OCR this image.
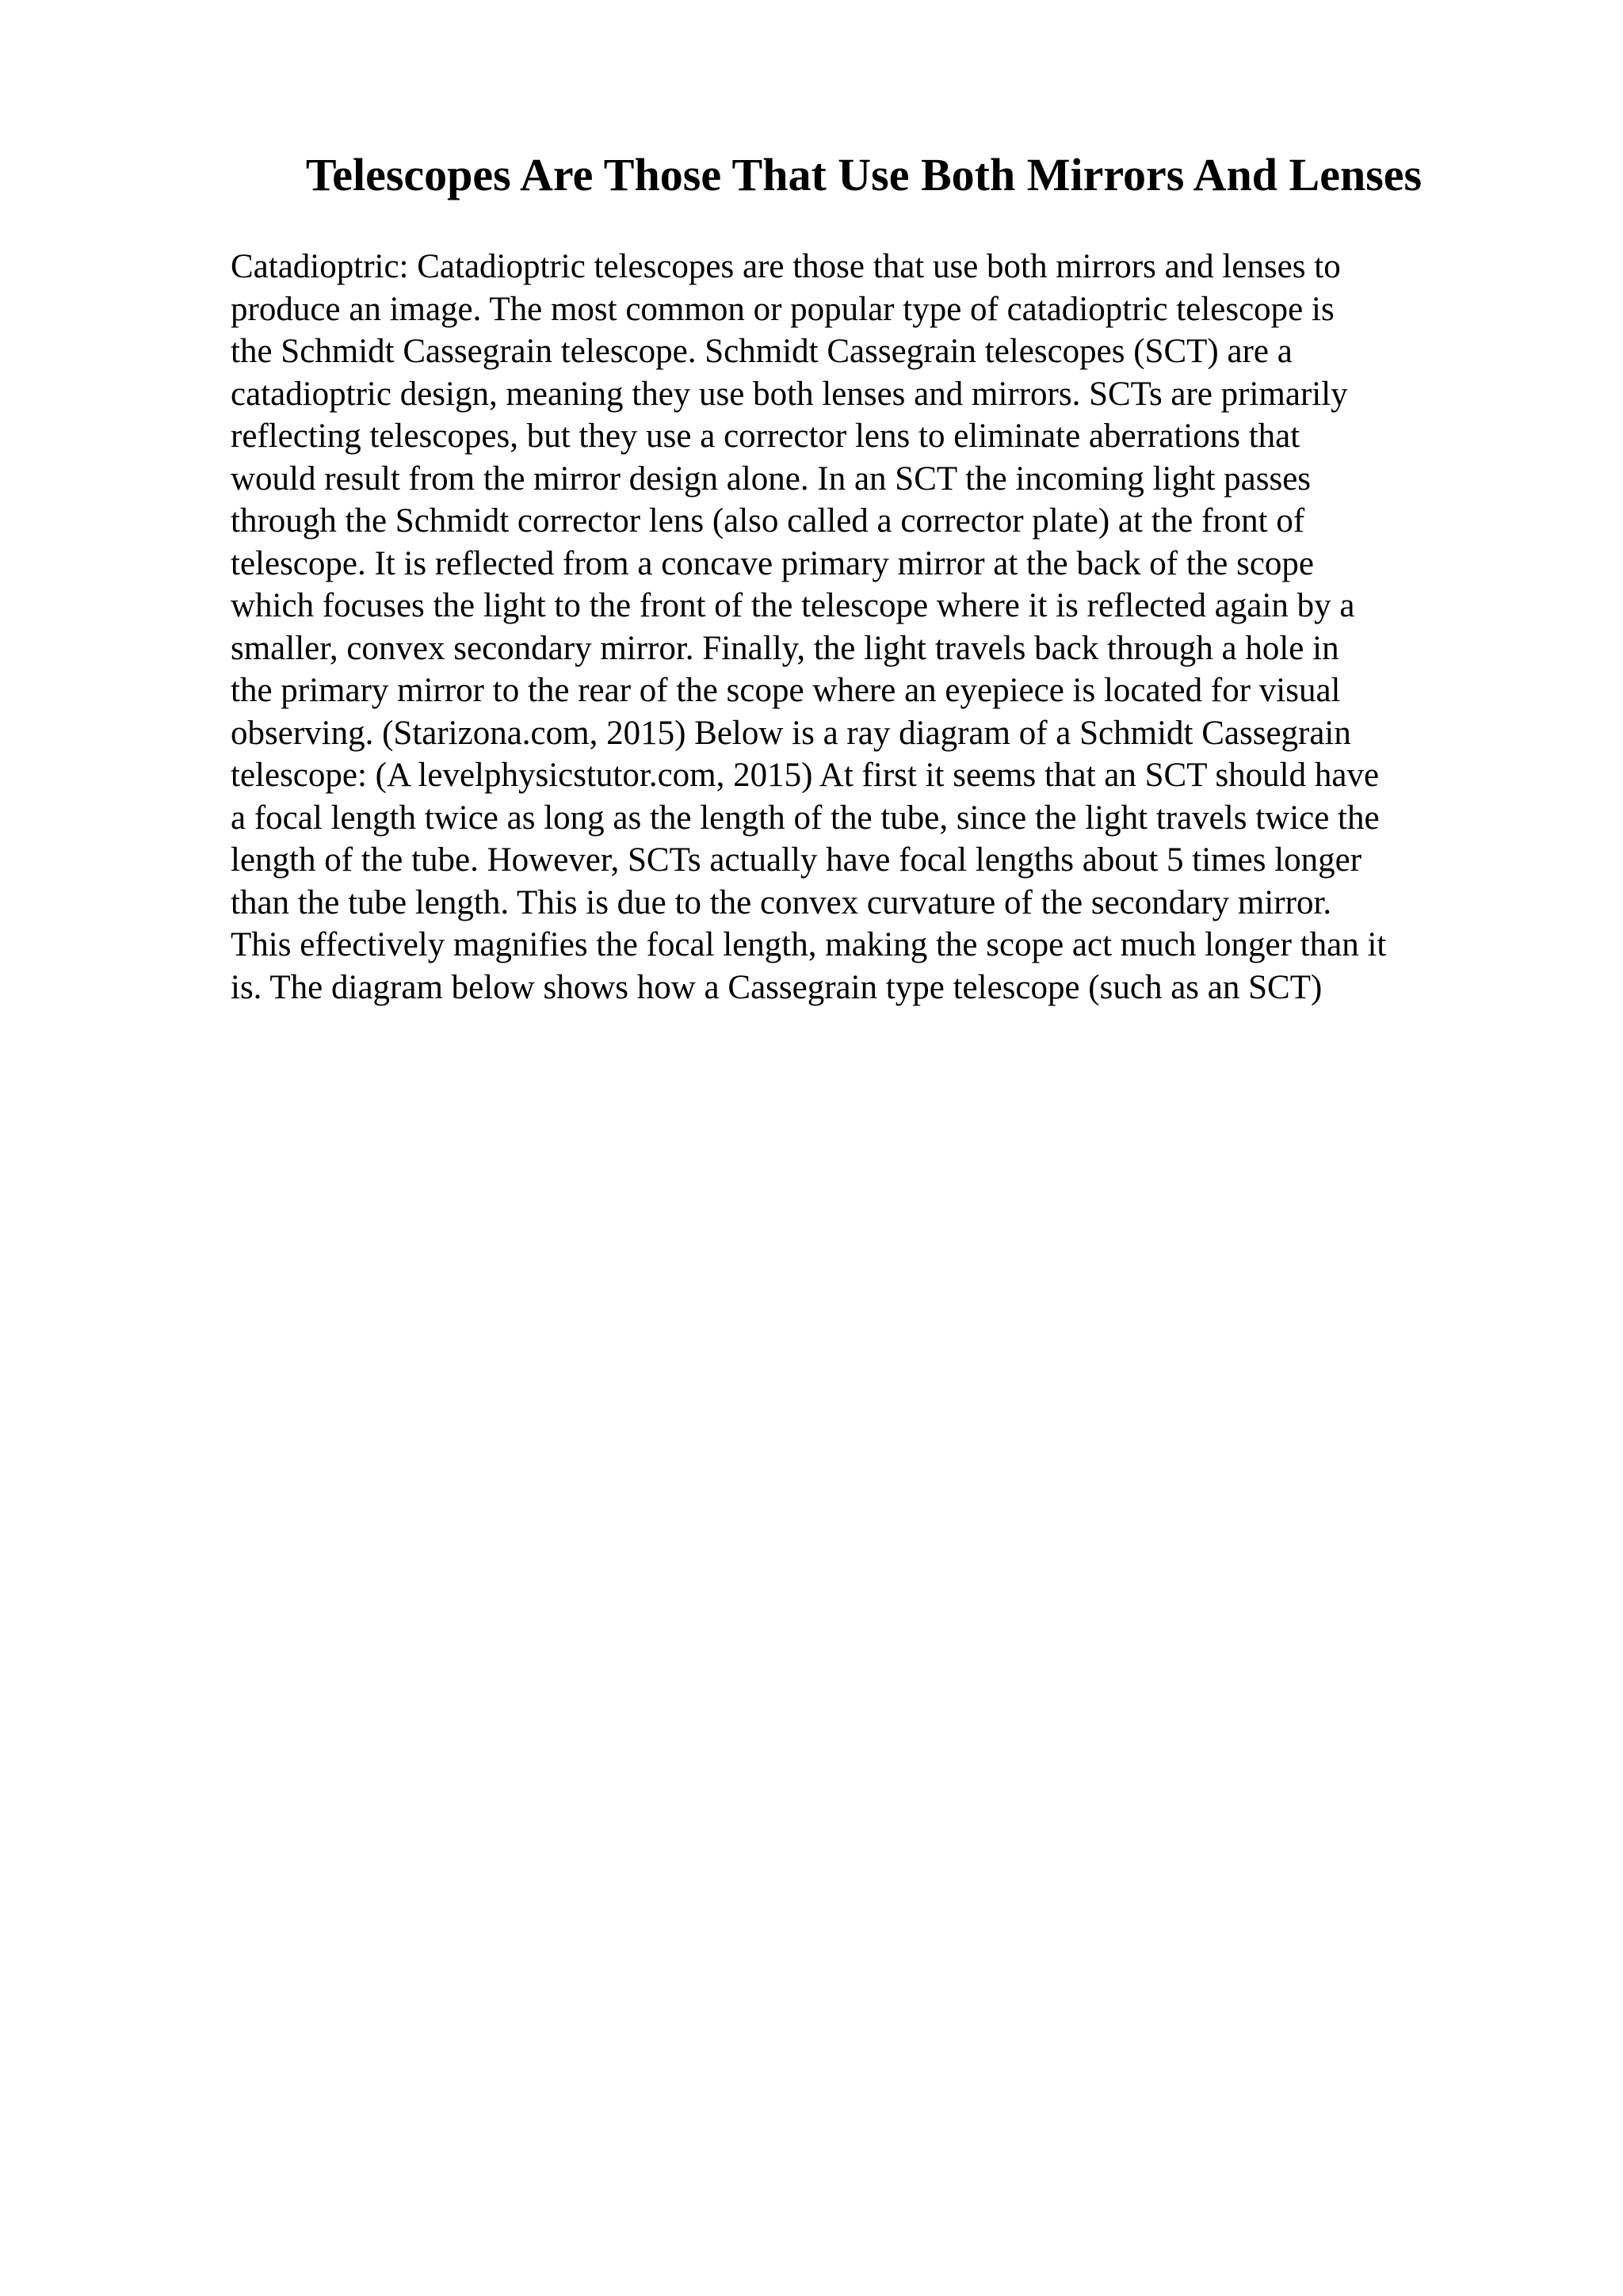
Telescopes Are Those That Use Both Mirrors And Lenses
Catadioptric: Catadioptric telescopes are those that use both mirrors and lenses to
produce an image. The most common or popular type of catadioptric telescope is
the Schmidt Cassegrain telescope. Schmidt Cassegrain telescopes (SCT) are a
catadioptric design, meaning they use both lenses and mirrors. SCTs are primarily
reflecting telescopes, but they use a corrector lens to eliminate aberrations that
would result from the mirror design alone. In an SCT the incoming light passes
through the Schmidt corrector lens (also called a corrector plate) at the front of
telescope. It is reflected from a concave primary mirror at the back of the scope
which focuses the light to the front of the telescope where it is reflected again by a
smaller, convex secondary mirror. Finally, the light travels back through a hole in
the primary mirror to the rear of the scope where an eyepiece is located for visual
observing. (Starizona.com, 2015) Below is a ray diagram of a Schmidt Cassegrain
telescope: (A levelphysicstutor.com, 2015) At first it seems that an SCT should have
a focal length twice as long as the length of the tube, since the light travels twice the
length of the tube. However, SCTs actually have focal lengths about 5 times longer
than the tube length. This is due to the convex curvature of the secondary mirror.
This effectively magnifies the focal length, making the scope act much longer than it
is. The diagram below shows how a Cassegrain type telescope (such as an SCT)
